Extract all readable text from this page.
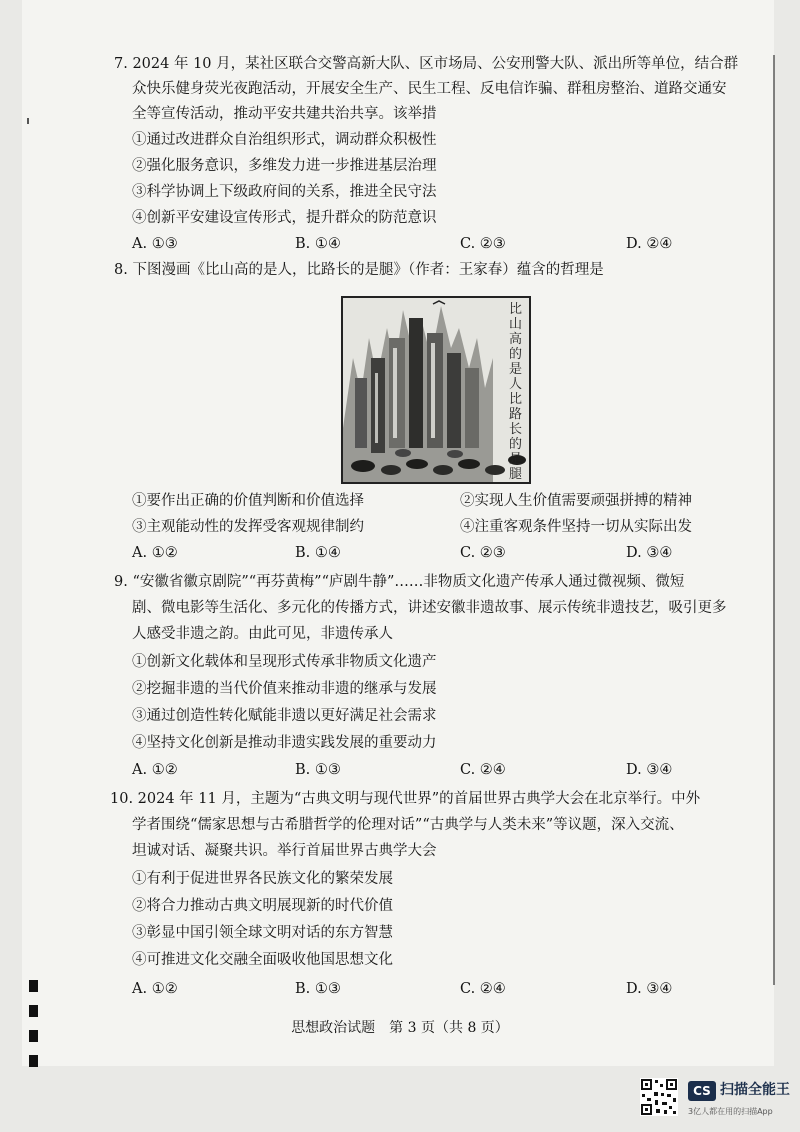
7. 2024 年 10 月，某社区联合交警高新大队、区市场局、公安刑警大队、派出所等单位，结合群
众快乐健身荧光夜跑活动，开展安全生产、民生工程、反电信诈骗、群租房整治、道路交通安
全等宣传活动，推动平安共建共治共享。该举措
①通过改进群众自治组织形式，调动群众积极性
②强化服务意识，多维发力进一步推进基层治理
③科学协调上下级政府间的关系，推进全民守法
④创新平安建设宣传形式，提升群众的防范意识
A. ①③	B. ①④	C. ②③	D. ②④
8. 下图漫画《比山高的是人，比路长的是腿》（作者：王家春）蕴含的哲理是
比山高的是人比路长的是腿
①要作出正确的价值判断和价值选择	②实现人生价值需要顽强拼搏的精神
③主观能动性的发挥受客观规律制约	④注重客观条件坚持一切从实际出发
A. ①②	B. ①④	C. ②③	D. ③④
9. “安徽省徽京剧院”“再芬黄梅”“庐剧牛静”……非物质文化遗产传承人通过微视频、微短
剧、微电影等生活化、多元化的传播方式，讲述安徽非遗故事、展示传统非遗技艺，吸引更多
人感受非遗之韵。由此可见，非遗传承人
①创新文化载体和呈现形式传承非物质文化遗产
②挖掘非遗的当代价值来推动非遗的继承与发展
③通过创造性转化赋能非遗以更好满足社会需求
④坚持文化创新是推动非遗实践发展的重要动力
A. ①②	B. ①③	C. ②④	D. ③④
10. 2024 年 11 月，主题为“古典文明与现代世界”的首届世界古典学大会在北京举行。中外
学者围绕“儒家思想与古希腊哲学的伦理对话”“古典学与人类未来”等议题，深入交流、
坦诚对话、凝聚共识。举行首届世界古典学大会
①有利于促进世界各民族文化的繁荣发展
②将合力推动古典文明展现新的时代价值
③彰显中国引领全球文明对话的东方智慧
④可推进文化交融全面吸收他国思想文化
A. ①②	B. ①③	C. ②④	D. ③④
思想政治试题　第 3 页（共 8 页）
CS 扫描全能王
3亿人都在用的扫描App
